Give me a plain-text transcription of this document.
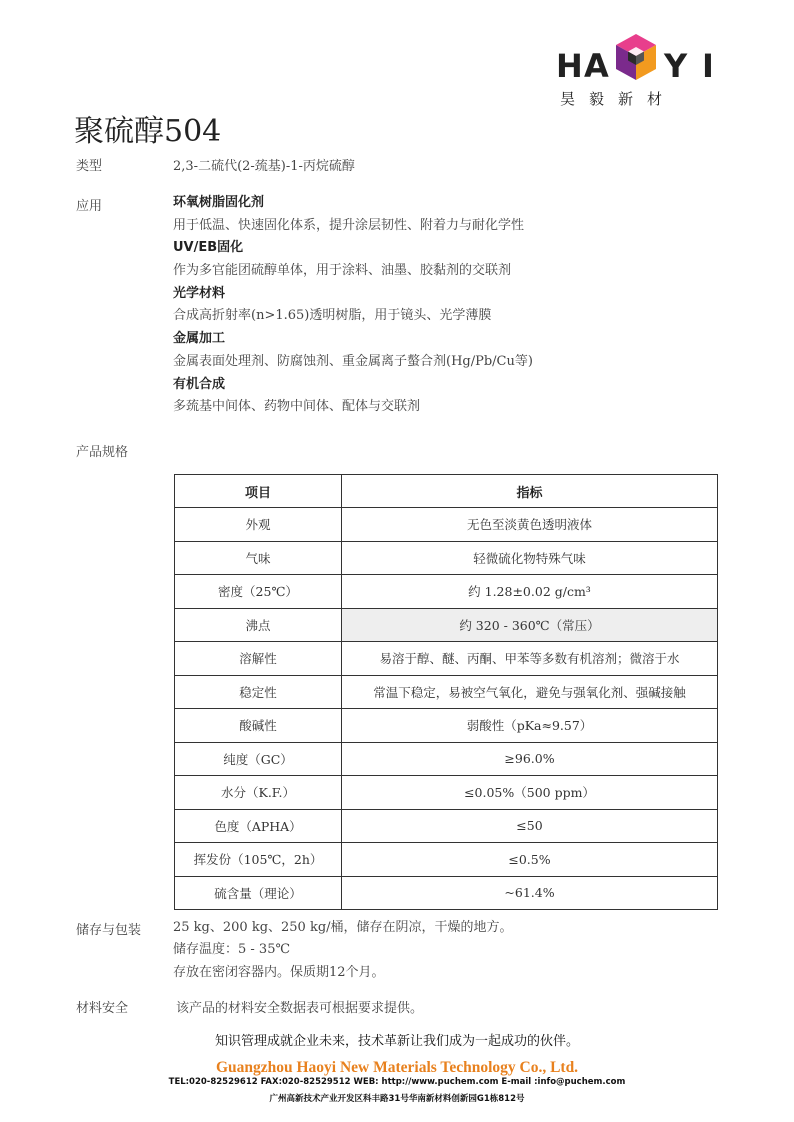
H A Y I
昊毅新材
聚硫醇504
类型	2,3-二硫代(2-巯基)-1-丙烷硫醇
应用	环氧树脂固化剂
用于低温、快速固化体系，提升涂层韧性、附着力与耐化学性
UV/EB固化
作为多官能团硫醇单体，用于涂料、油墨、胶黏剂的交联剂
光学材料
合成高折射率(n>1.65)透明树脂，用于镜头、光学薄膜
金属加工
金属表面处理剂、防腐蚀剂、重金属离子螯合剂(Hg/Pb/Cu等)
有机合成
多巯基中间体、药物中间体、配体与交联剂
产品规格
项目	指标
外观	无色至淡黄色透明液体
气味	轻微硫化物特殊气味
密度（25℃）	约 1.28±0.02 g/cm³
沸点	约 320 - 360℃（常压）
溶解性	易溶于醇、醚、丙酮、甲苯等多数有机溶剂；微溶于水
稳定性	常温下稳定，易被空气氧化，避免与强氧化剂、强碱接触
酸碱性	弱酸性（pKa≈9.57）
纯度（GC）	≥96.0%
水分（K.F.）	≤0.05%（500 ppm）
色度（APHA）	≤50
挥发份（105℃，2h）	≤0.5%
硫含量（理论）	~61.4%
储存与包装 25 kg、200 kg、250 kg/桶，储存在阴凉，干燥的地方。
储存温度：5 - 35℃
存放在密闭容器内。保质期12个月。
材料安全	该产品的材料安全数据表可根据要求提供。
知识管理成就企业未来，技术革新让我们成为一起成功的伙伴。
Guangzhou Haoyi New Materials Technology Co., Ltd.
TEL:020-82529612 FAX:020-82529512 WEB: http://www.puchem.com E-mail :info@puchem.com
广州高新技术产业开发区科丰路31号华南新材料创新园G1栋812号
